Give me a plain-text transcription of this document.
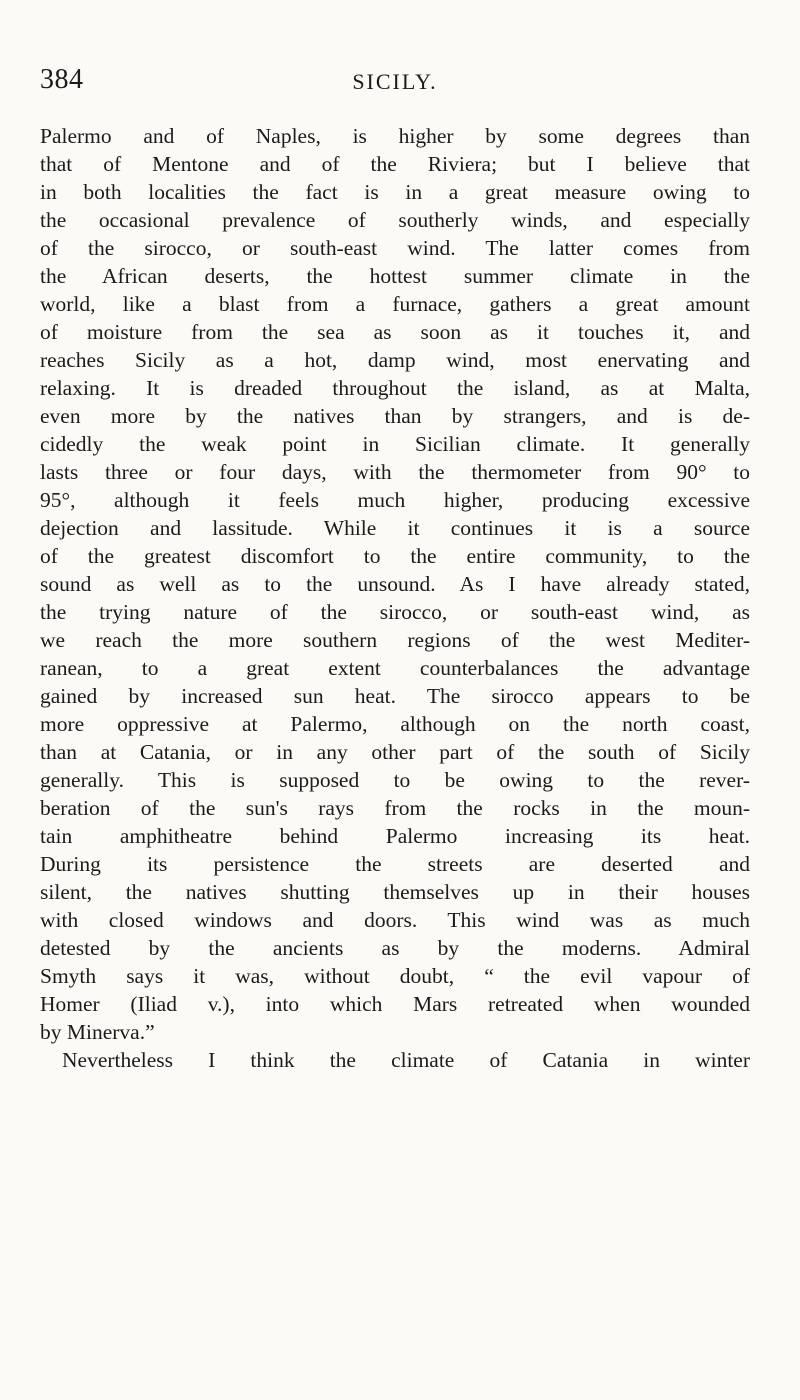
384	SICILY.
Palermo and of Naples, is higher by some degrees than
that of Mentone and of the Riviera; but I believe that
in both localities the fact is in a great measure owing to
the occasional prevalence of southerly winds, and especially
of the sirocco, or south-east wind. The latter comes from
the African deserts, the hottest summer climate in the
world, like a blast from a furnace, gathers a great amount
of moisture from the sea as soon as it touches it, and
reaches Sicily as a hot, damp wind, most enervating and
relaxing. It is dreaded throughout the island, as at Malta,
even more by the natives than by strangers, and is de-
cidedly the weak point in Sicilian climate. It generally
lasts three or four days, with the thermometer from 90° to
95°, although it feels much higher, producing excessive
dejection and lassitude. While it continues it is a source
of the greatest discomfort to the entire community, to the
sound as well as to the unsound. As I have already stated,
the trying nature of the sirocco, or south-east wind, as
we reach the more southern regions of the west Mediter-
ranean, to a great extent counterbalances the advantage
gained by increased sun heat. The sirocco appears to be
more oppressive at Palermo, although on the north coast,
than at Catania, or in any other part of the south of Sicily
generally. This is supposed to be owing to the rever-
beration of the sun's rays from the rocks in the moun-
tain amphitheatre behind Palermo increasing its heat.
During its persistence the streets are deserted and
silent, the natives shutting themselves up in their houses
with closed windows and doors. This wind was as much
detested by the ancients as by the moderns. Admiral
Smyth says it was, without doubt, “ the evil vapour of
Homer (Iliad v.), into which Mars retreated when wounded
by Minerva.”
Nevertheless I think the climate of Catania in winter
